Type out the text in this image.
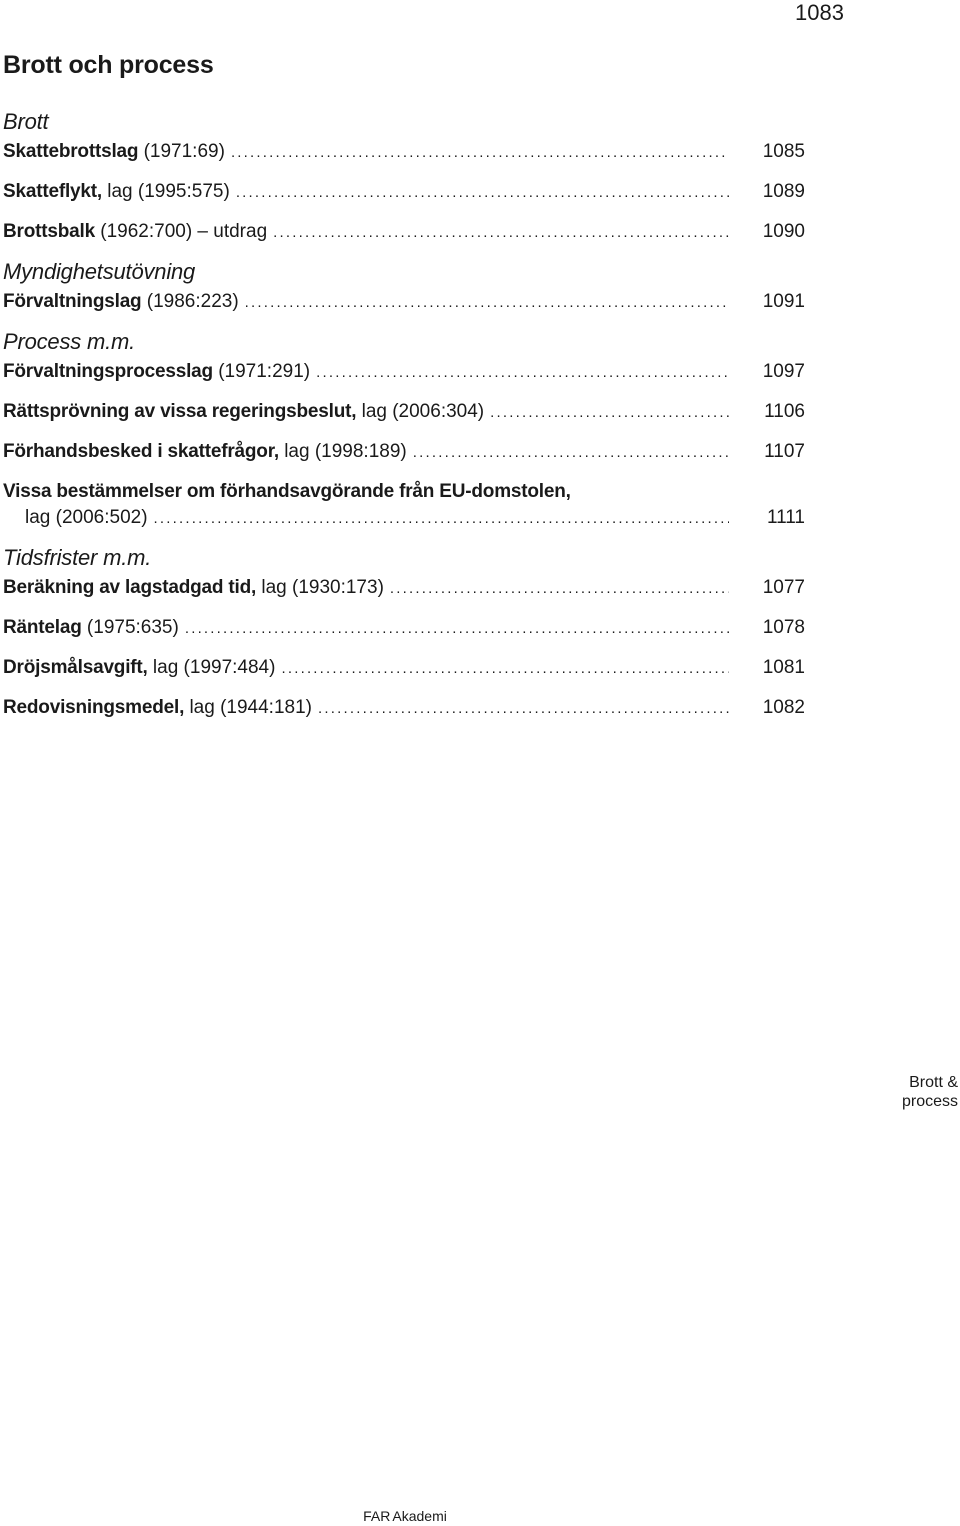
1083
Brott och process
Brott
Skattebrottslag (1971:69) .....	1085
Skatteflykt, lag (1995:575) .....	1089
Brottsbalk (1962:700) – utdrag .....	1090
Myndighetsutövning
Förvaltningslag (1986:223) .....	1091
Process m.m.
Förvaltningsprocesslag (1971:291) .....	1097
Rättsprövning av vissa regeringsbeslut, lag (2006:304) .....	1106
Förhandsbesked i skattefrågor, lag (1998:189) .....	1107
Vissa bestämmelser om förhandsavgörande från EU-domstolen,
lag (2006:502) .....	1111
Tidsfrister m.m.
Beräkning av lagstadgad tid, lag (1930:173) .....	1077
Räntelag (1975:635) .....	1078
Dröjsmålsavgift, lag (1997:484) .....	1081
Redovisningsmedel, lag (1944:181) .....	1082
Brott &
process
FAR Akademi
